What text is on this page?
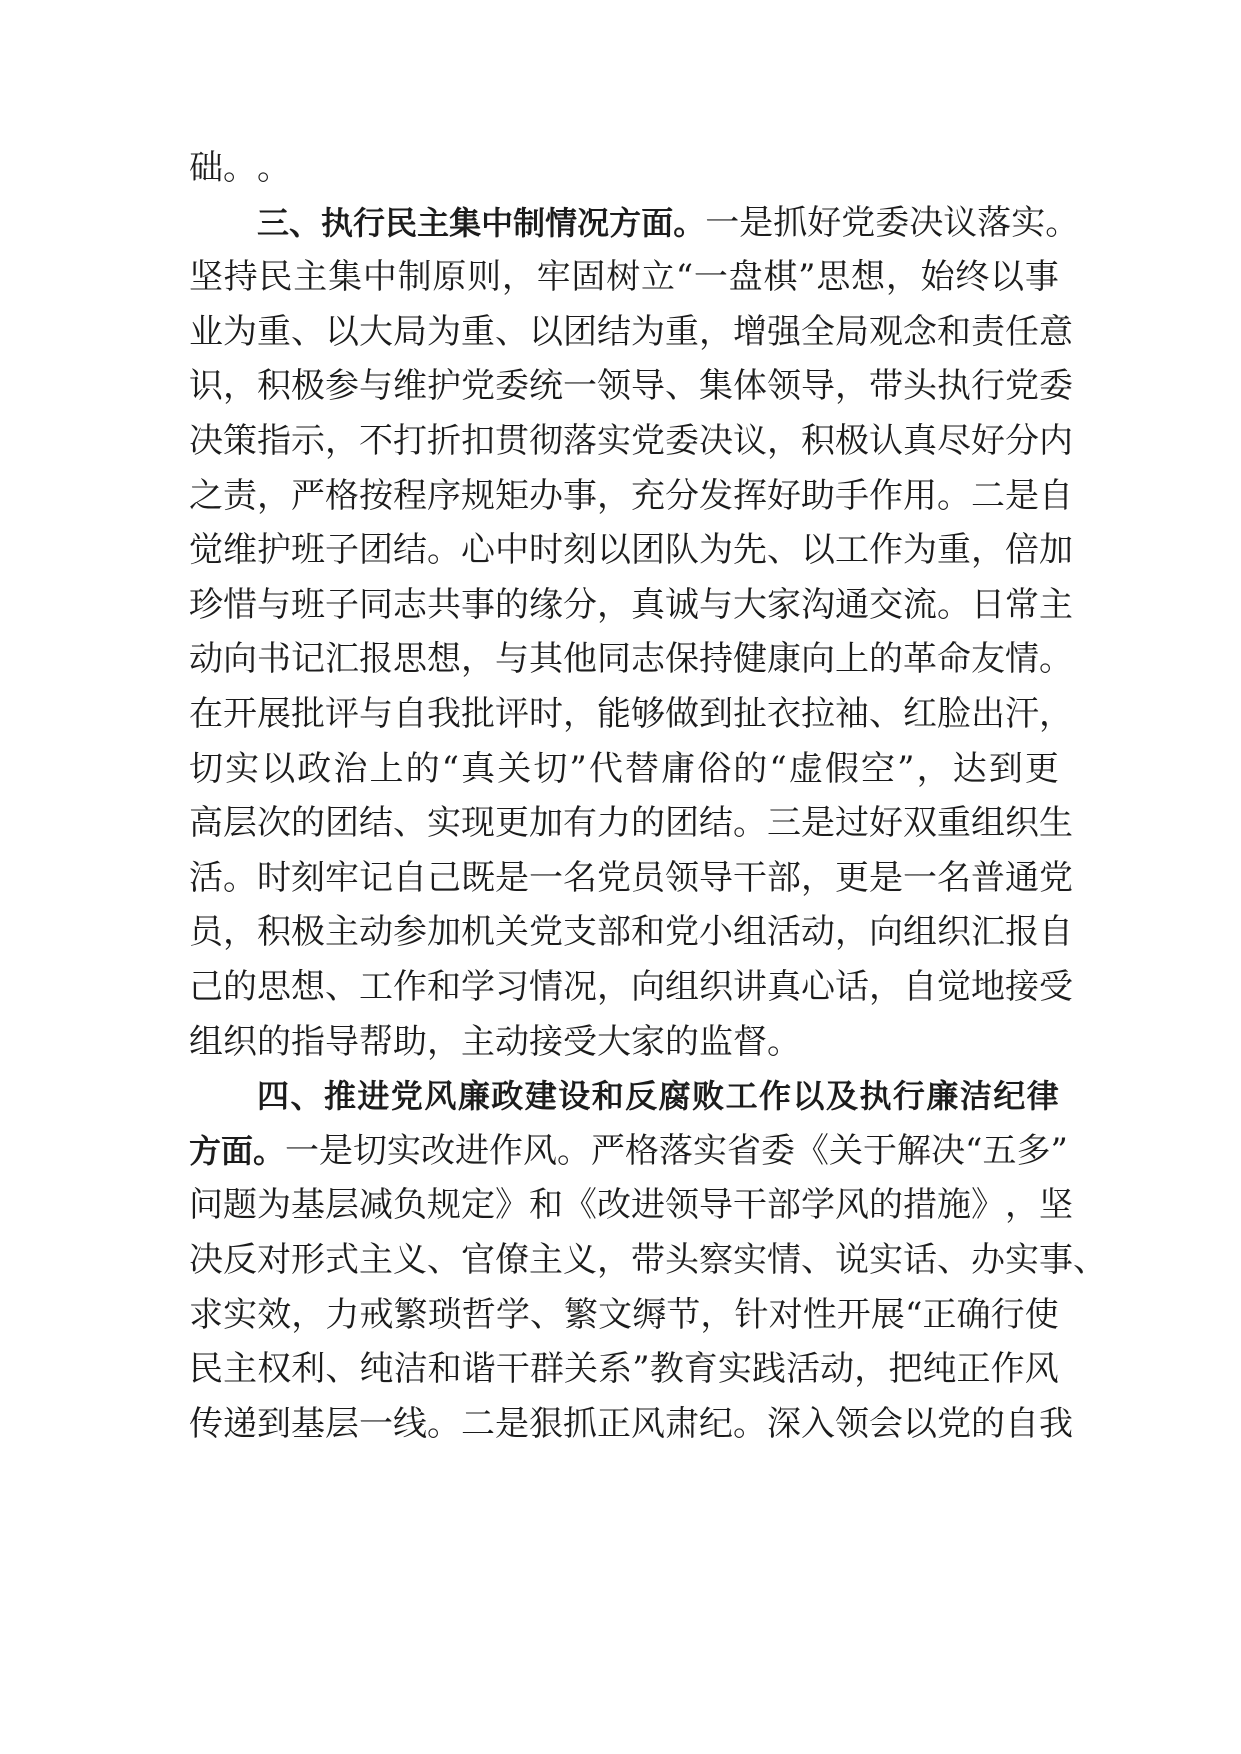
础 。 。
三 、 执 行 民 主 集 中 制 情 况 方 面 。 一 是 抓 好 党 委 决 议 落 实 。
坚 持 民 主 集 中 制 原 则 ， 牢 固 树 立 “ 一 盘 棋 ” 思 想 ， 始 终 以 事
业 为 重 、 以 大 局 为 重 、 以 团 结 为 重 ， 增 强 全 局 观 念 和 责 任 意
识 ， 积 极 参 与 维 护 党 委 统 一 领 导 、 集 体 领 导 ， 带 头 执 行 党 委
决 策 指 示 ， 不 打 折 扣 贯 彻 落 实 党 委 决 议 ， 积 极 认 真 尽 好 分 内
之 责 ， 严 格 按 程 序 规 矩 办 事 ， 充 分 发 挥 好 助 手 作 用 。 二 是 自
觉 维 护 班 子 团 结 。 心 中 时 刻 以 团 队 为 先 、 以 工 作 为 重 ， 倍 加
珍 惜 与 班 子 同 志 共 事 的 缘 分 ， 真 诚 与 大 家 沟 通 交 流 。 日 常 主
动 向 书 记 汇 报 思 想 ， 与 其 他 同 志 保 持 健 康 向 上 的 革 命 友 情 。
在 开 展 批 评 与 自 我 批 评 时 ， 能 够 做 到 扯 衣 拉 袖 、 红 脸 出 汗 ，
切 实 以 政 治 上 的 “ 真 关 切 ” 代 替 庸 俗 的 “ 虚 假 空 ” ， 达 到 更
高 层 次 的 团 结 、 实 现 更 加 有 力 的 团 结 。 三 是 过 好 双 重 组 织 生
活 。 时 刻 牢 记 自 己 既 是 一 名 党 员 领 导 干 部 ， 更 是 一 名 普 通 党
员 ， 积 极 主 动 参 加 机 关 党 支 部 和 党 小 组 活 动 ， 向 组 织 汇 报 自
己 的 思 想 、 工 作 和 学 习 情 况 ， 向 组 织 讲 真 心 话 ， 自 觉 地 接 受
组 织 的 指 导 帮 助 ， 主 动 接 受 大 家 的 监 督 。
四 、 推 进 党 风 廉 政 建 设 和 反 腐 败 工 作 以 及 执 行 廉 洁 纪 律
方 面 。 一 是 切 实 改 进 作 风 。 严 格 落 实 省 委 《 关 于 解 决 “ 五 多 ”
问 题 为 基 层 减 负 规 定 》 和 《 改 进 领 导 干 部 学 风 的 措 施 》 ， 坚
决 反 对 形 式 主 义 、 官 僚 主 义 ， 带 头 察 实 情 、 说 实 话 、 办 实 事 、
求 实 效 ， 力 戒 繁 琐 哲 学 、 繁 文 缛 节 ， 针 对 性 开 展 “ 正 确 行 使
民 主 权 利 、 纯 洁 和 谐 干 群 关 系 ” 教 育 实 践 活 动 ， 把 纯 正 作 风
传 递 到 基 层 一 线 。 二 是 狠 抓 正 风 肃 纪 。 深 入 领 会 以 党 的 自 我
